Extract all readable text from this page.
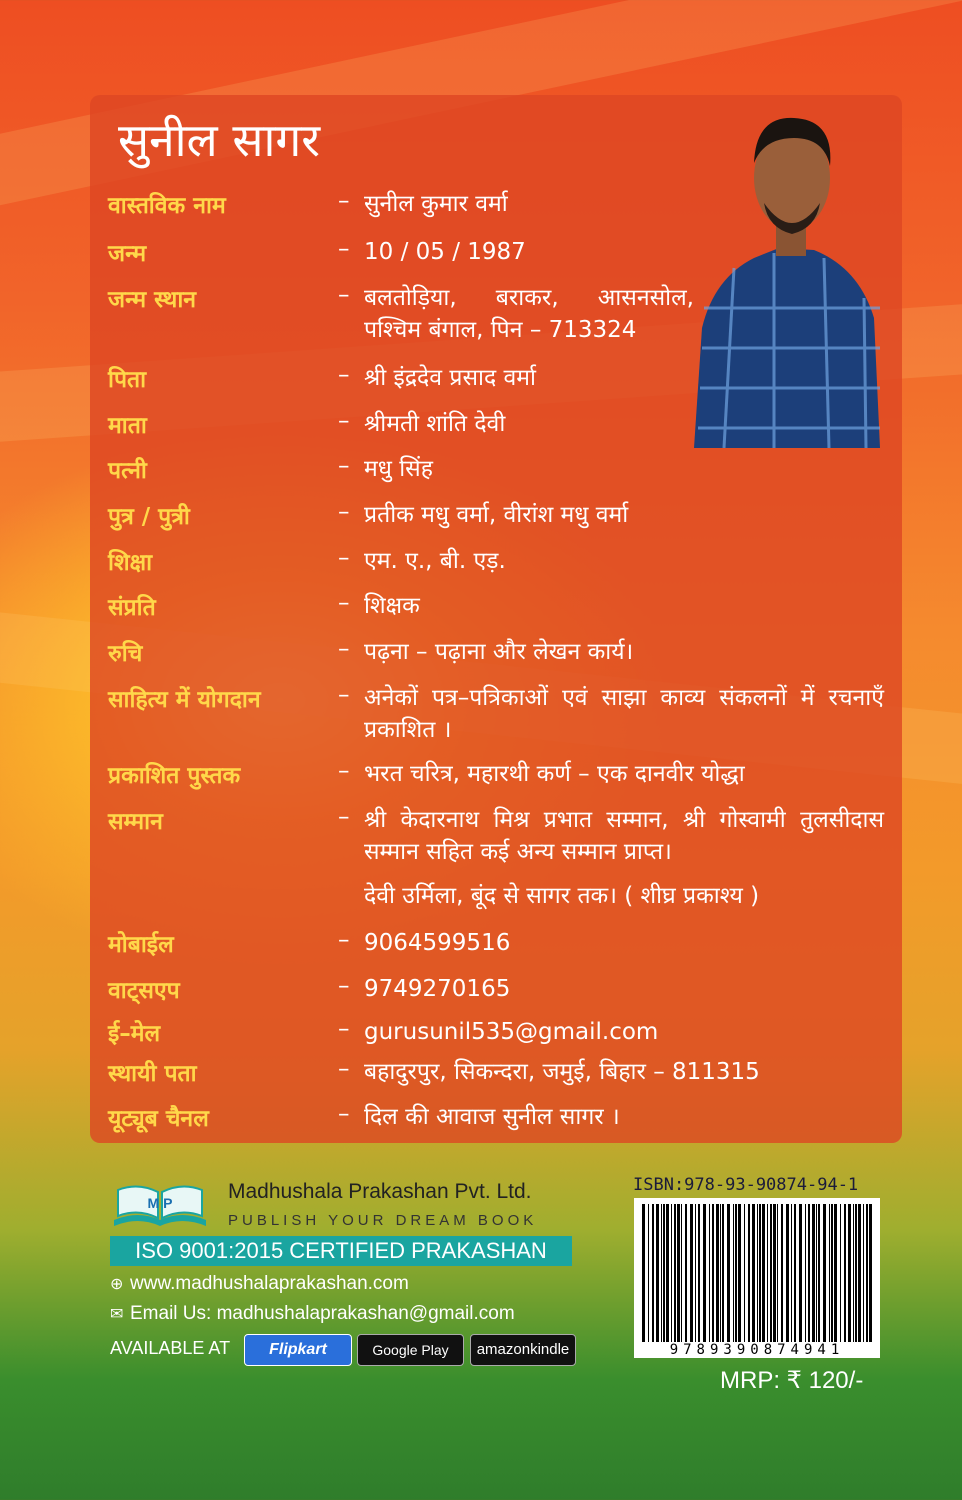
सुनील सागर
वास्तविक नाम	– सुनील कुमार वर्मा
जन्म	– 10 / 05 / 1987
जन्म स्थान	– बलतोड़िया, बराकर, आसनसोल, पश्चिम बंगाल, पिन – 713324
पिता	– श्री इंद्रदेव प्रसाद वर्मा
माता	– श्रीमती शांति देवी
पत्नी	– मधु सिंह
पुत्र / पुत्री	– प्रतीक मधु वर्मा, वीरांश मधु वर्मा
शिक्षा	– एम. ए., बी. एड़.
संप्रति	– शिक्षक
रुचि	– पढ़ना – पढ़ाना और लेखन कार्य।
साहित्य में योगदान	– अनेकों पत्र–पत्रिकाओं एवं साझा काव्य संकलनों में रचनाएँ प्रकाशित ।
प्रकाशित पुस्तक	– भरत चरित्र, महारथी कर्ण – एक दानवीर योद्धा
सम्मान	– श्री केदारनाथ मिश्र प्रभात सम्मान, श्री गोस्वामी तुलसीदास सम्मान सहित कई अन्य सम्मान प्राप्त।
देवी उर्मिला, बूंद से सागर तक। ( शीघ्र प्रकाश्य )
मोबाईल	– 9064599516
वाट्सएप	– 9749270165
ई–मेल	– gurusunil535@gmail.com
स्थायी पता	– बहादुरपुर, सिकन्दरा, जमुई, बिहार – 811315
यूट्यूब चैनल	– दिल की आवाज सुनील सागर ।
M P	Madhushala Prakashan Pvt. Ltd.
PUBLISH YOUR DREAM BOOK
ISO 9001:2015 CERTIFIED PRAKASHAN
⊕ www.madhushalaprakashan.com
✉ Email Us: madhushalaprakashan@gmail.com
AVAILABLE AT	Flipkart	Google Play	amazonkindle
ISBN:978-93-90874-94-1
9789390874941
MRP: ₹ 120/-
